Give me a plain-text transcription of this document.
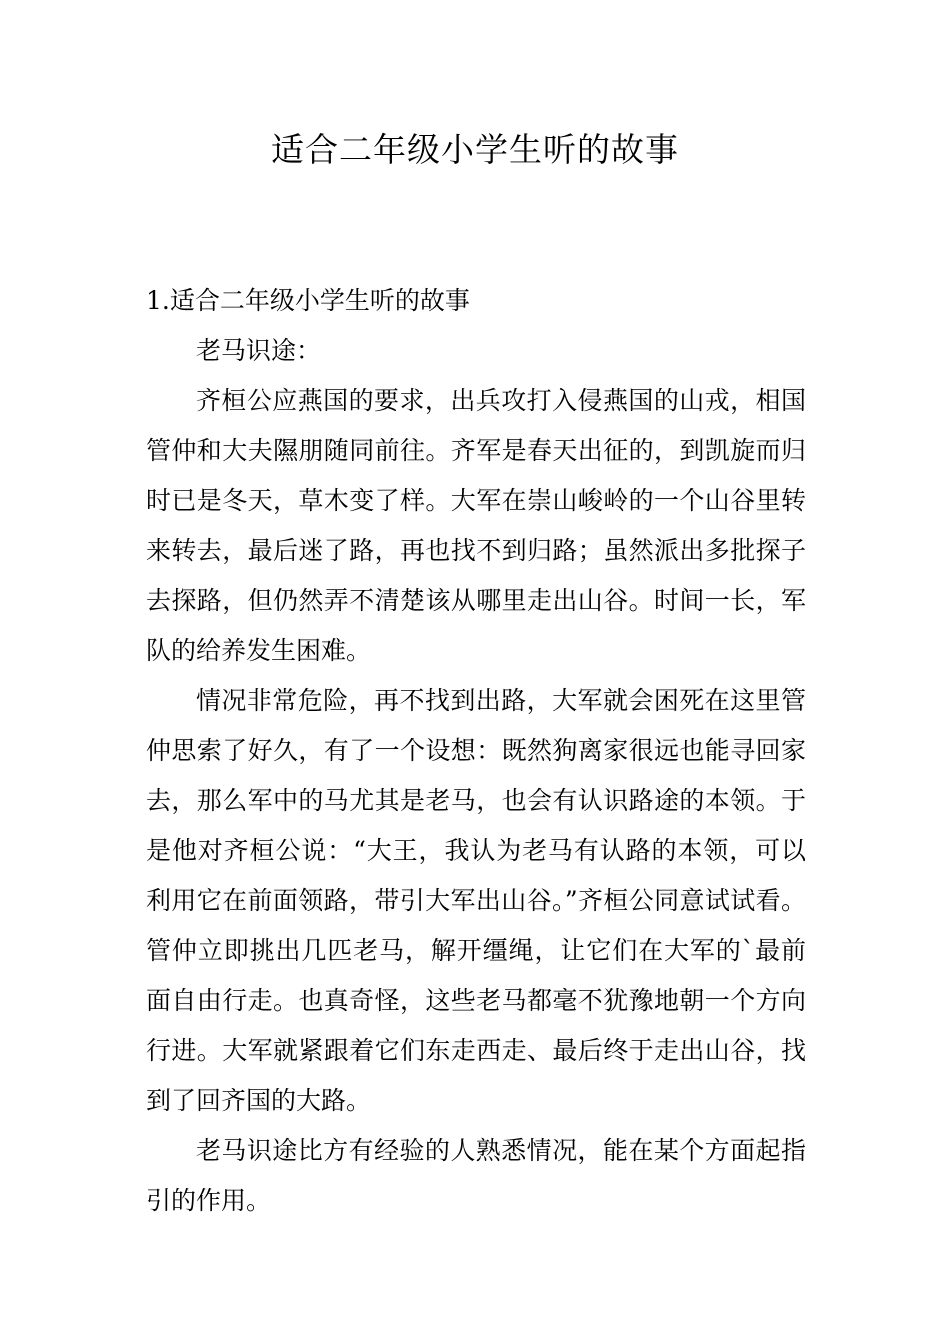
适合二年级小学生听的故事

1.适合二年级小学生听的故事

老马识途：

齐桓公应燕国的要求，出兵攻打入侵燕国的山戎，相国管仲和大夫隰朋随同前往。齐军是春天出征的，到凯旋而归时已是冬天，草木变了样。大军在崇山峻岭的一个山谷里转来转去，最后迷了路，再也找不到归路；虽然派出多批探子去探路，但仍然弄不清楚该从哪里走出山谷。时间一长，军队的给养发生困难。

情况非常危险，再不找到出路，大军就会困死在这里管仲思索了好久，有了一个设想：既然狗离家很远也能寻回家去，那么军中的马尤其是老马，也会有认识路途的本领。于是他对齐桓公说：“大王，我认为老马有认路的本领，可以利用它在前面领路，带引大军出山谷。”齐桓公同意试试看。管仲立即挑出几匹老马，解开缰绳，让它们在大军的`最前面自由行走。也真奇怪，这些老马都毫不犹豫地朝一个方向行进。大军就紧跟着它们东走西走、最后终于走出山谷，找到了回齐国的大路。

老马识途比方有经验的人熟悉情况，能在某个方面起指引的作用。
